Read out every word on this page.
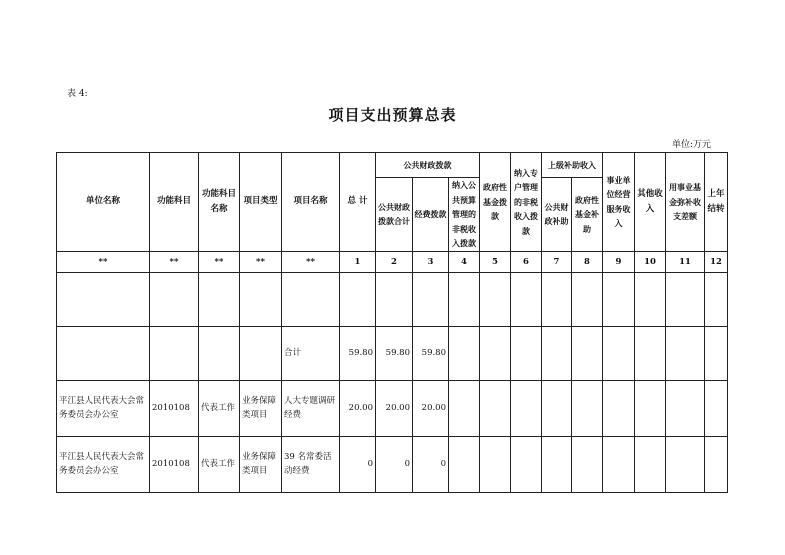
表 4:
项目支出预算总表
单位:万元
单位名称	功能科目	功能科目名称	项目类型	项目名称	总 计	公共财政拨款			政府性基金拨款	纳入专户管理的非税收入拨款	上级补助收入		事业单位经营服务收入	其他收入	用事业基金弥补收支差额	上年结转
						公共财政拨款合计	经费拨款	纳入公共预算管理的非税收入拨款			公共财政补助	政府性基金补助				
**	**	**	**	**	1	2	3	4	5	6	7	8	9	10	11	12

				合计	59.80	59.80	59.80									
平江县人民代表大会常务委员会办公室	2010108	代表工作	业务保障类项目	人大专题调研经费	20.00	20.00	20.00									
平江县人民代表大会常务委员会办公室	2010108	代表工作	业务保障类项目	39 名常委活动经费	0	0	0									
